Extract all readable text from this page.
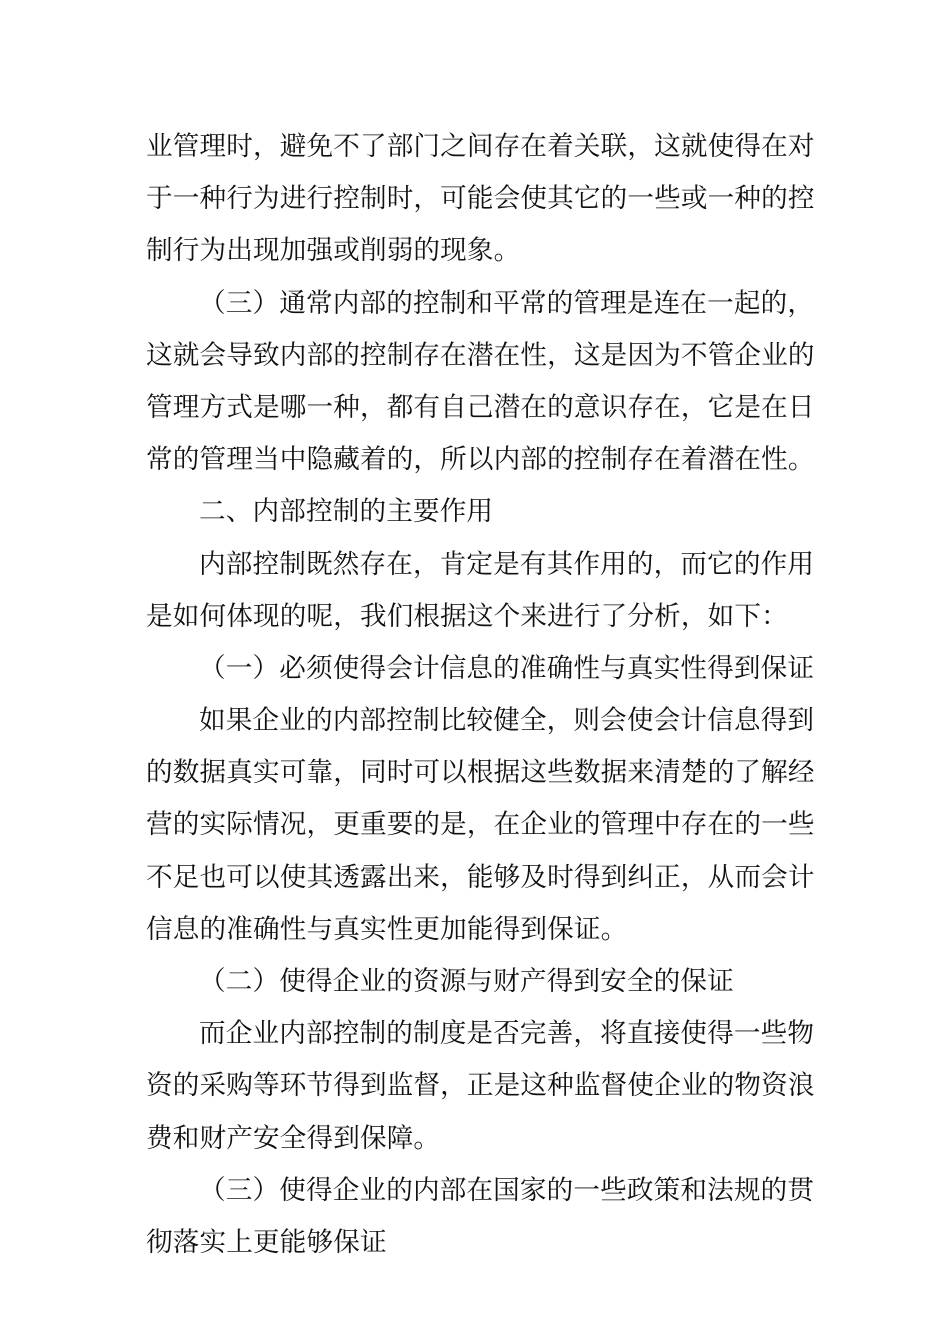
业管理时，避免不了部门之间存在着关联，这就使得在对
于一种行为进行控制时，可能会使其它的一些或一种的控
制行为出现加强或削弱的现象。
（三）通常内部的控制和平常的管理是连在一起的，
这就会导致内部的控制存在潜在性，这是因为不管企业的
管理方式是哪一种，都有自己潜在的意识存在，它是在日
常的管理当中隐藏着的，所以内部的控制存在着潜在性。
二、内部控制的主要作用
内部控制既然存在，肯定是有其作用的，而它的作用
是如何体现的呢，我们根据这个来进行了分析，如下：
（一）必须使得会计信息的准确性与真实性得到保证
如果企业的内部控制比较健全，则会使会计信息得到
的数据真实可靠，同时可以根据这些数据来清楚的了解经
营的实际情况，更重要的是，在企业的管理中存在的一些
不足也可以使其透露出来，能够及时得到纠正，从而会计
信息的准确性与真实性更加能得到保证。
（二）使得企业的资源与财产得到安全的保证
而企业内部控制的制度是否完善，将直接使得一些物
资的采购等环节得到监督，正是这种监督使企业的物资浪
费和财产安全得到保障。
（三）使得企业的内部在国家的一些政策和法规的贯
彻落实上更能够保证
